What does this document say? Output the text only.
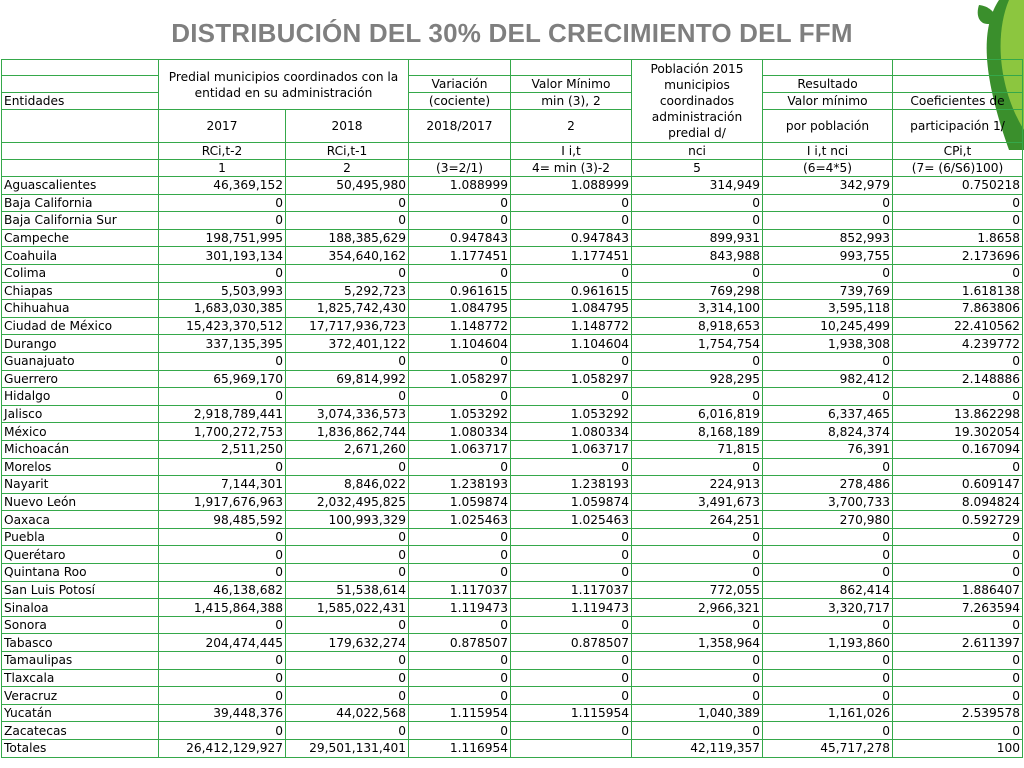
DISTRIBUCIÓN DEL 30% DEL CRECIMIENTO DEL FFM
	Predial municipios coordinados con la entidad en su administración				Población 2015 municipios coordinados administración predial d/		
			Variación	Valor Mínimo		Resultado	
Entidades			(cociente)	min (3), 2		Valor mínimo	Coeficientes de
	2017	2018	2018/2017	2		por población	participación 1/
	RCi,t-2	RCi,t-1		I i,t	nci	I i,t nci	CPi,t
	1	2	(3=2/1)	4= min (3)-2	5	(6=4*5)	(7= (6/S6)100)
Aguascalientes	46,369,152	50,495,980	1.088999	1.088999	314,949	342,979	0.750218
Baja California	0	0	0	0	0	0	0
Baja California Sur	0	0	0	0	0	0	0
Campeche	198,751,995	188,385,629	0.947843	0.947843	899,931	852,993	1.8658
Coahuila	301,193,134	354,640,162	1.177451	1.177451	843,988	993,755	2.173696
Colima	0	0	0	0	0	0	0
Chiapas	5,503,993	5,292,723	0.961615	0.961615	769,298	739,769	1.618138
Chihuahua	1,683,030,385	1,825,742,430	1.084795	1.084795	3,314,100	3,595,118	7.863806
Ciudad de México	15,423,370,512	17,717,936,723	1.148772	1.148772	8,918,653	10,245,499	22.410562
Durango	337,135,395	372,401,122	1.104604	1.104604	1,754,754	1,938,308	4.239772
Guanajuato	0	0	0	0	0	0	0
Guerrero	65,969,170	69,814,992	1.058297	1.058297	928,295	982,412	2.148886
Hidalgo	0	0	0	0	0	0	0
Jalisco	2,918,789,441	3,074,336,573	1.053292	1.053292	6,016,819	6,337,465	13.862298
México	1,700,272,753	1,836,862,744	1.080334	1.080334	8,168,189	8,824,374	19.302054
Michoacán	2,511,250	2,671,260	1.063717	1.063717	71,815	76,391	0.167094
Morelos	0	0	0	0	0	0	0
Nayarit	7,144,301	8,846,022	1.238193	1.238193	224,913	278,486	0.609147
Nuevo León	1,917,676,963	2,032,495,825	1.059874	1.059874	3,491,673	3,700,733	8.094824
Oaxaca	98,485,592	100,993,329	1.025463	1.025463	264,251	270,980	0.592729
Puebla	0	0	0	0	0	0	0
Querétaro	0	0	0	0	0	0	0
Quintana Roo	0	0	0	0	0	0	0
San Luis Potosí	46,138,682	51,538,614	1.117037	1.117037	772,055	862,414	1.886407
Sinaloa	1,415,864,388	1,585,022,431	1.119473	1.119473	2,966,321	3,320,717	7.263594
Sonora	0	0	0	0	0	0	0
Tabasco	204,474,445	179,632,274	0.878507	0.878507	1,358,964	1,193,860	2.611397
Tamaulipas	0	0	0	0	0	0	0
Tlaxcala	0	0	0	0	0	0	0
Veracruz	0	0	0	0	0	0	0
Yucatán	39,448,376	44,022,568	1.115954	1.115954	1,040,389	1,161,026	2.539578
Zacatecas	0	0	0	0	0	0	0
Totales	26,412,129,927	29,501,131,401	1.116954		42,119,357	45,717,278	100
